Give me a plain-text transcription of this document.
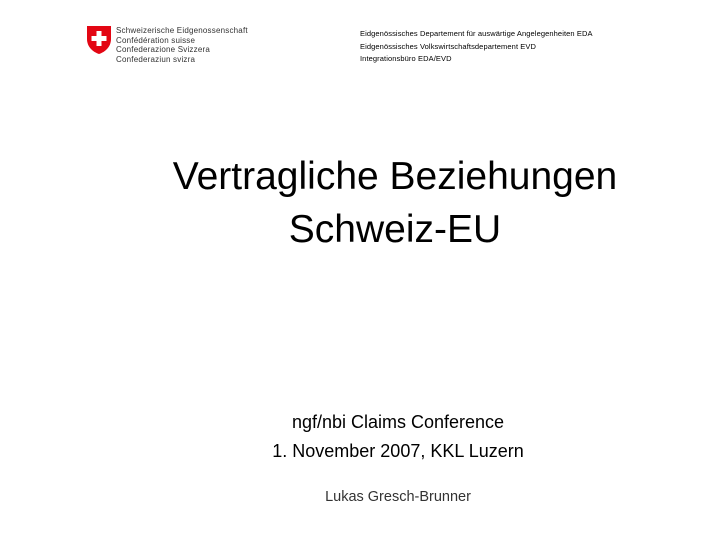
Schweizerische Eidgenossenschaft
Confédération suisse
Confederazione Svizzera
Confederaziun svizra
Eidgenössisches Departement für auswärtige Angelegenheiten EDA
Eidgenössisches Volkswirtschaftsdepartement EVD
Integrationsbüro EDA/EVD
Vertragliche Beziehungen
Schweiz-EU
ngf/nbi Claims Conference
1. November 2007, KKL Luzern
Lukas Gresch-Brunner
